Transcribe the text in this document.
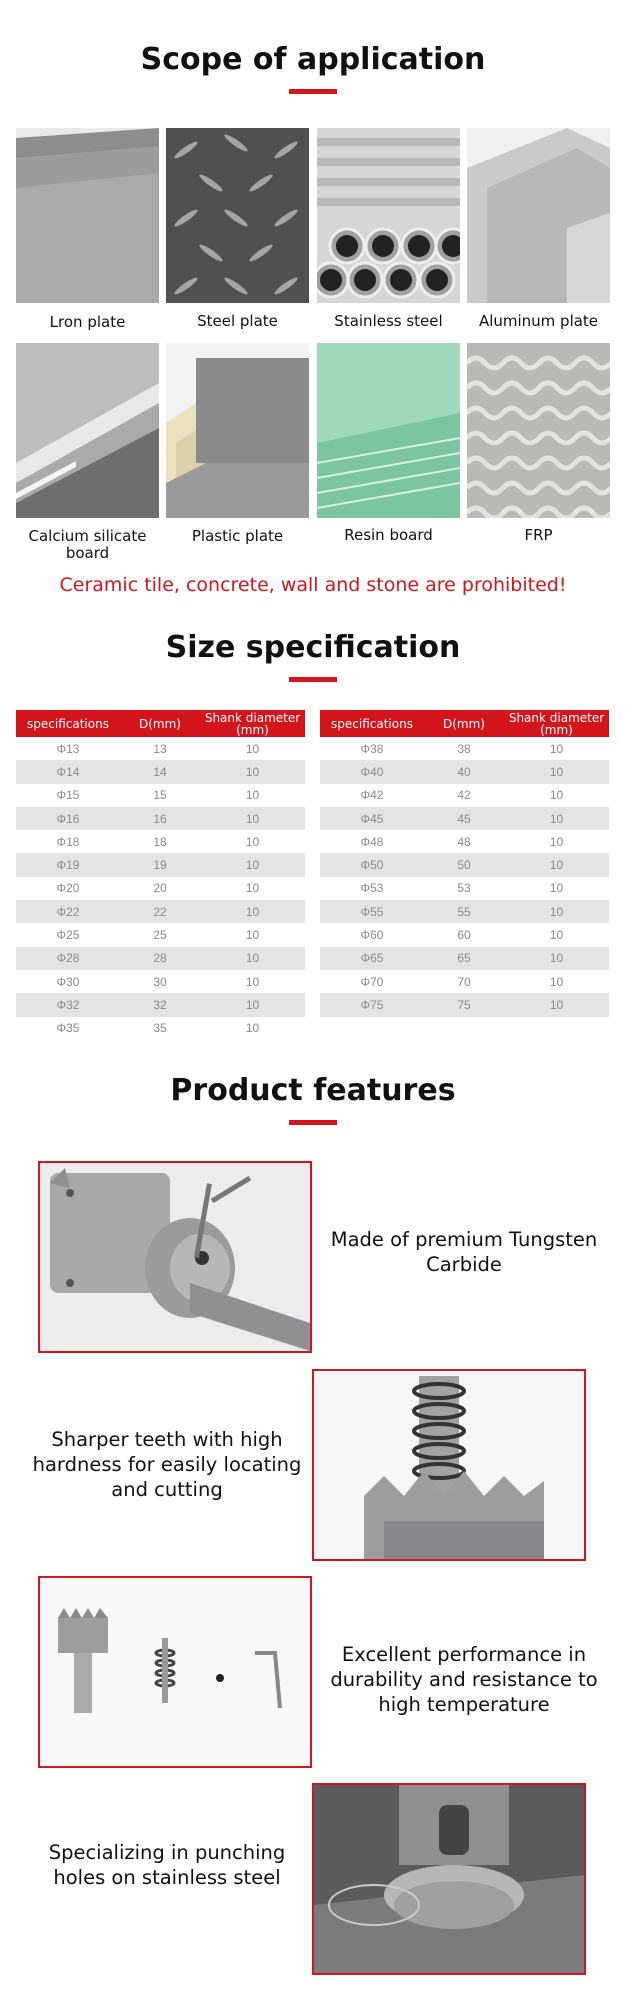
Scope of application
Lron plate	Steel plate	Stainless steel	Aluminum plate
Calcium silicate board
Plastic plate	Resin board	FRP
Ceramic tile, concrete, wall and stone are prohibited!
Size specification
specifications	D(mm)	Shank diameter (mm)
Φ13	13	10
Φ14	14	10
Φ15	15	10
Φ16	16	10
Φ18	18	10
Φ19	19	10
Φ20	20	10
Φ22	22	10
Φ25	25	10
Φ28	28	10
Φ30	30	10
Φ32	32	10
Φ35	35	10
specifications	D(mm)	Shank diameter (mm)
Φ38	38	10
Φ40	40	10
Φ42	42	10
Φ45	45	10
Φ48	48	10
Φ50	50	10
Φ53	53	10
Φ55	55	10
Φ60	60	10
Φ65	65	10
Φ70	70	10
Φ75	75	10
Product features
Made of premium Tungsten Carbide
Sharper teeth with high hardness for easily locating and cutting
Excellent performance in durability and resistance to high temperature
Specializing in punching holes on stainless steel
